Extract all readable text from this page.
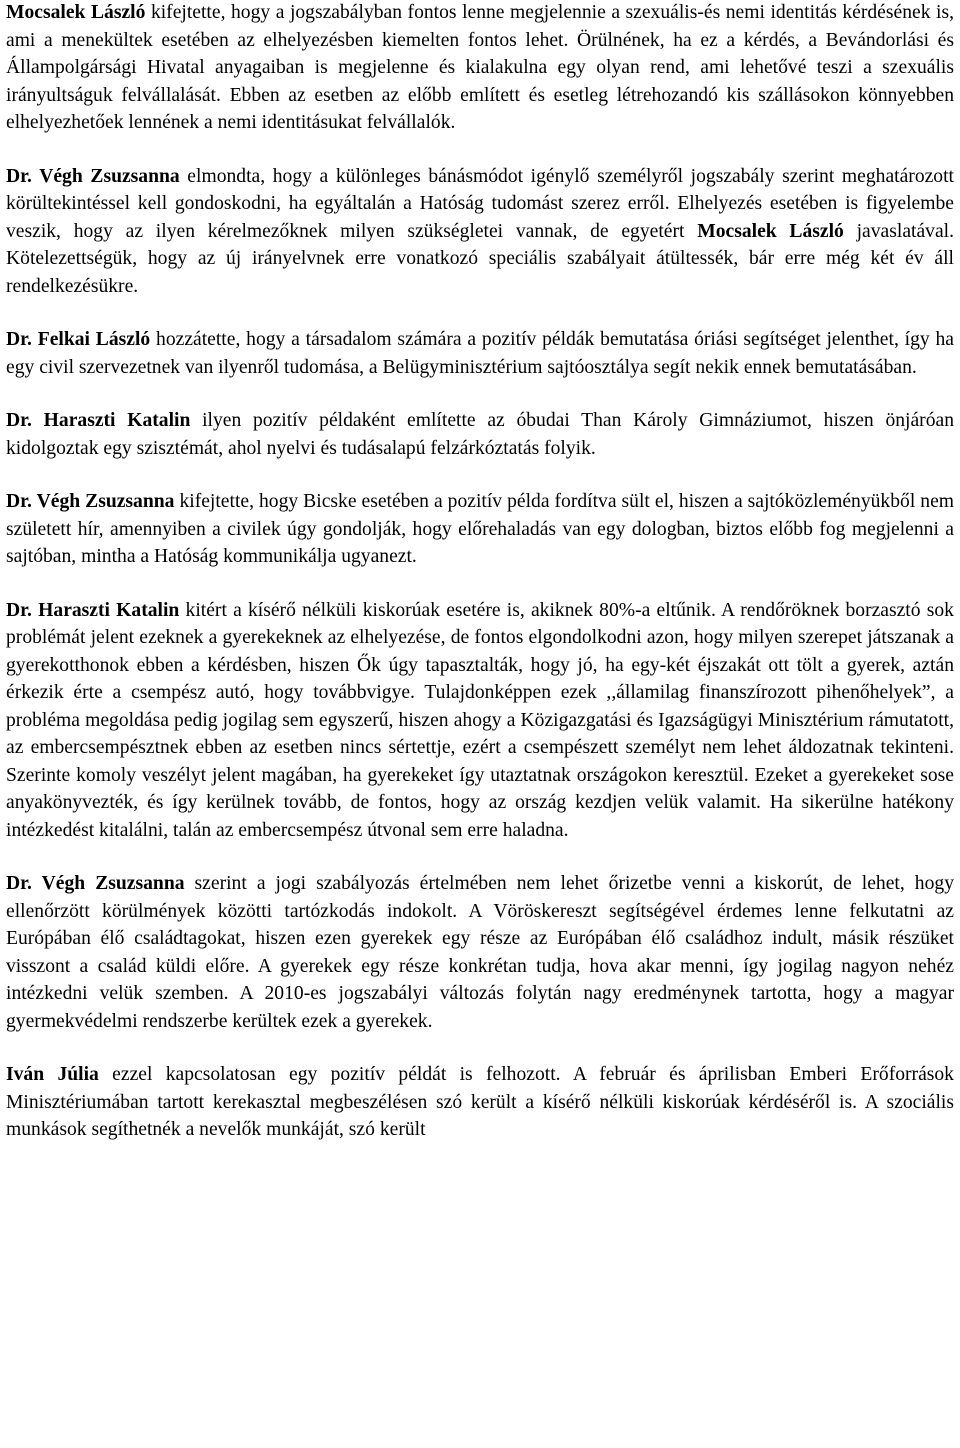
Mocsalek László kifejtette, hogy a jogszabályban fontos lenne megjelennie a szexuális-és nemi identitás kérdésének is, ami a menekültek esetében az elhelyezésben kiemelten fontos lehet. Örülnének, ha ez a kérdés, a Bevándorlási és Állampolgársági Hivatal anyagaiban is megjelenne és kialakulna egy olyan rend, ami lehetővé teszi a szexuális irányultságuk felvállalását. Ebben az esetben az előbb említett és esetleg létrehozandó kis szállásokon könnyebben elhelyezhetőek lennének a nemi identitásukat felvállalók.

Dr. Végh Zsuzsanna elmondta, hogy a különleges bánásmódot igénylő személyről jogszabály szerint meghatározott körültekintéssel kell gondoskodni, ha egyáltalán a Hatóság tudomást szerez erről. Elhelyezés esetében is figyelembe veszik, hogy az ilyen kérelmezőknek milyen szükségletei vannak, de egyetért Mocsalek László javaslatával. Kötelezettségük, hogy az új irányelvnek erre vonatkozó speciális szabályait átültessék, bár erre még két év áll rendelkezésükre.

Dr. Felkai László hozzátette, hogy a társadalom számára a pozitív példák bemutatása óriási segítséget jelenthet, így ha egy civil szervezetnek van ilyenről tudomása, a Belügyminisztérium sajtóosztálya segít nekik ennek bemutatásában.

Dr. Haraszti Katalin ilyen pozitív példaként említette az óbudai Than Károly Gimnáziumot, hiszen önjáróan kidolgoztak egy szisztémát, ahol nyelvi és tudásalapú felzárkóztatás folyik.

Dr. Végh Zsuzsanna kifejtette, hogy Bicske esetében a pozitív példa fordítva sült el, hiszen a sajtóközleményükből nem született hír, amennyiben a civilek úgy gondolják, hogy előrehaladás van egy dologban, biztos előbb fog megjelenni a sajtóban, mintha a Hatóság kommunikálja ugyanezt.

Dr. Haraszti Katalin kitért a kísérő nélküli kiskorúak esetére is, akiknek 80%-a eltűnik. A rendőröknek borzasztó sok problémát jelent ezeknek a gyerekeknek az elhelyezése, de fontos elgondolkodni azon, hogy milyen szerepet játszanak a gyerekotthonok ebben a kérdésben, hiszen Ők úgy tapasztalták, hogy jó, ha egy-két éjszakát ott tölt a gyerek, aztán érkezik érte a csempész autó, hogy továbbvigye. Tulajdonképpen ezek ,,államilag finanszírozott pihenőhelyek”, a probléma megoldása pedig jogilag sem egyszerű, hiszen ahogy a Közigazgatási és Igazságügyi Minisztérium rámutatott, az embercsempésztnek ebben az esetben nincs sértettje, ezért a csempészett személyt nem lehet áldozatnak tekinteni. Szerinte komoly veszélyt jelent magában, ha gyerekeket így utaztatnak országokon keresztül. Ezeket a gyerekeket sose anyakönyvezték, és így kerülnek tovább, de fontos, hogy az ország kezdjen velük valamit. Ha sikerülne hatékony intézkedést kitalálni, talán az embercsempész útvonal sem erre haladna.

Dr. Végh Zsuzsanna szerint a jogi szabályozás értelmében nem lehet őrizetbe venni a kiskorút, de lehet, hogy ellenőrzött körülmények közötti tartózkodás indokolt. A Vöröskereszt segítségével érdemes lenne felkutatni az Európában élő családtagokat, hiszen ezen gyerekek egy része az Európában élő családhoz indult, másik részüket visszont a család küldi előre. A gyerekek egy része konkrétan tudja, hova akar menni, így jogilag nagyon nehéz intézkedni velük szemben. A 2010-es jogszabályi változás folytán nagy eredménynek tartotta, hogy a magyar gyermekvédelmi rendszerbe kerültek ezek a gyerekek.

Iván Júlia ezzel kapcsolatosan egy pozitív példát is felhozott. A február és áprilisban Emberi Erőforrások Minisztériumában tartott kerekasztal megbeszélésen szó került a kísérő nélküli kiskorúak kérdéséről is. A szociális munkások segíthetnék a nevelők munkáját, szó került
